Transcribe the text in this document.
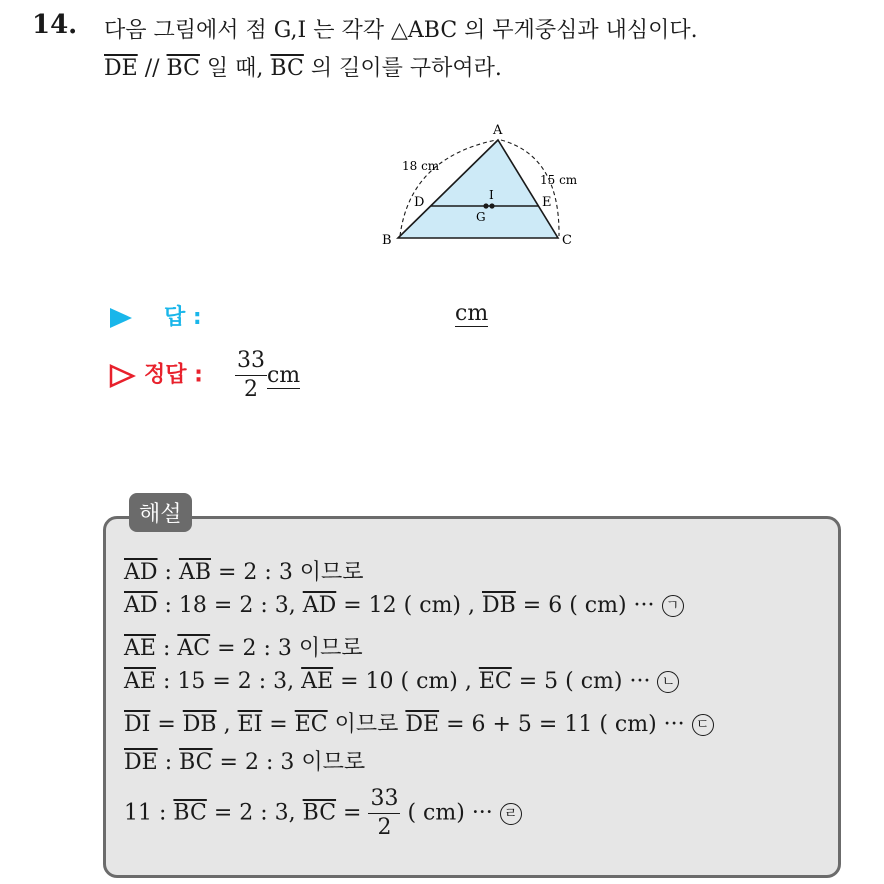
14. 다음 그림에서 점 G,I 는 각각 △ABC 의 무게중심과 내심이다.
$\overline{DE} // \overline{BC}$ 일 때, $\overline{BC}$ 의 길이를 구하여라.
A
B	C
D	E
I
G
18 cm
15 cm
답 :	cm
정답 : $\frac{33}{2}$ cm
해설
$\overline{AD}$ : $\overline{AB} = 2$ : 3 이므로
$\overline{AD}$ : 18 = 2 : 3, $\overline{AD} = 12$ ( cm) , $\overline{DB} = 6$ ( cm) ··· ㄱ
$\overline{AE}$ : $\overline{AC} = 2$ : 3 이므로
$\overline{AE}$ : 15 = 2 : 3, $\overline{AE} = 10$ ( cm) , $\overline{EC} = 5$ ( cm) ··· ㄴ
$\overline{DI} = \overline{DB}$ , $\overline{EI} = \overline{EC}$ 이므로 $\overline{DE} = 6 + 5 = 11$ ( cm) ··· ㄷ
$\overline{DE}$ : $\overline{BC} = 2$ : 3 이므로
11 : $\overline{BC} = 2$ : 3, $\overline{BC} = \frac{33}{2}$ ( cm) ··· ㄹ
